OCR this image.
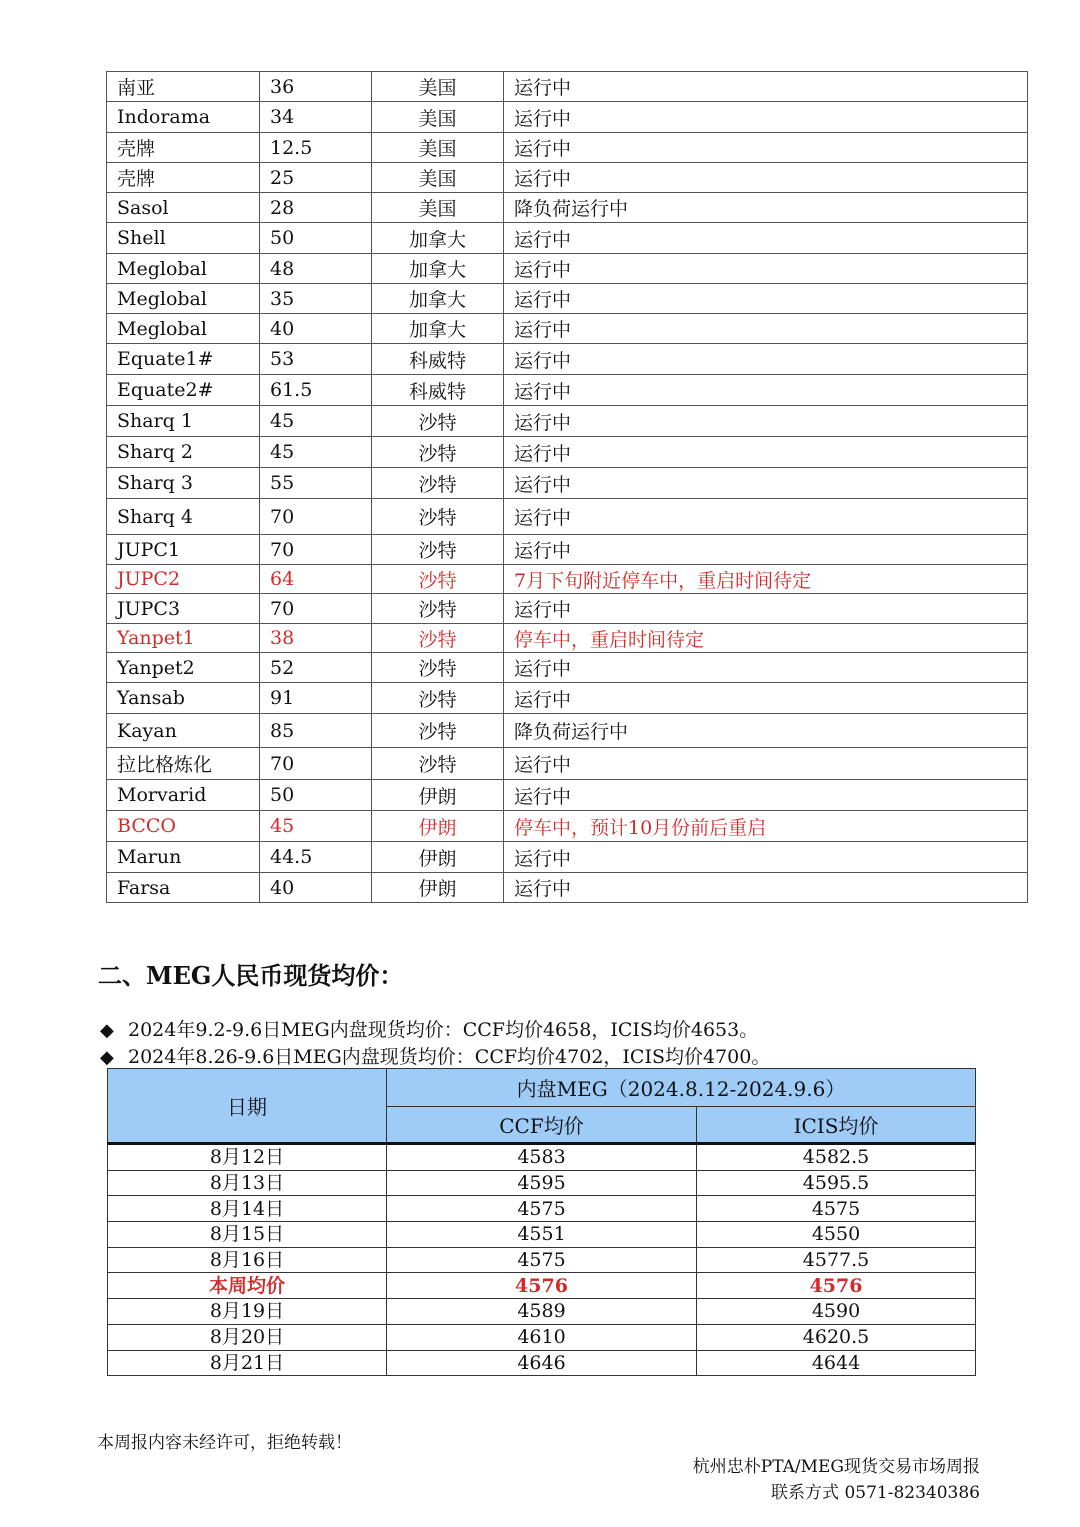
南亚	36	美国	运行中
Indorama	34	美国	运行中
壳牌	12.5	美国	运行中
壳牌	25	美国	运行中
Sasol	28	美国	降负荷运行中
Shell	50	加拿大	运行中
Meglobal	48	加拿大	运行中
Meglobal	35	加拿大	运行中
Meglobal	40	加拿大	运行中
Equate1#	53	科威特	运行中
Equate2#	61.5	科威特	运行中
Sharq 1	45	沙特	运行中
Sharq 2	45	沙特	运行中
Sharq 3	55	沙特	运行中
Sharq 4	70	沙特	运行中
JUPC1	70	沙特	运行中
JUPC2	64	沙特	7月下旬附近停车中，重启时间待定
JUPC3	70	沙特	运行中
Yanpet1	38	沙特	停车中，重启时间待定
Yanpet2	52	沙特	运行中
Yansab	91	沙特	运行中
Kayan	85	沙特	降负荷运行中
拉比格炼化	70	沙特	运行中
Morvarid	50	伊朗	运行中
BCCO	45	伊朗	停车中，预计10月份前后重启
Marun	44.5	伊朗	运行中
Farsa	40	伊朗	运行中
二、MEG人民币现货均价：
◆ 2024年9.2-9.6日MEG内盘现货均价：CCF均价4658，ICIS均价4653。
◆ 2024年8.26-9.6日MEG内盘现货均价：CCF均价4702，ICIS均价4700。
日期	内盘MEG（2024.8.12-2024.9.6）	
	CCF均价	ICIS均价
8月12日	4583	4582.5
8月13日	4595	4595.5
8月14日	4575	4575
8月15日	4551	4550
8月16日	4575	4577.5
本周均价	4576	4576
8月19日	4589	4590
8月20日	4610	4620.5
8月21日	4646	4644
本周报内容未经许可，拒绝转载！
杭州忠朴PTA/MEG现货交易市场周报
联系方式 0571-82340386
